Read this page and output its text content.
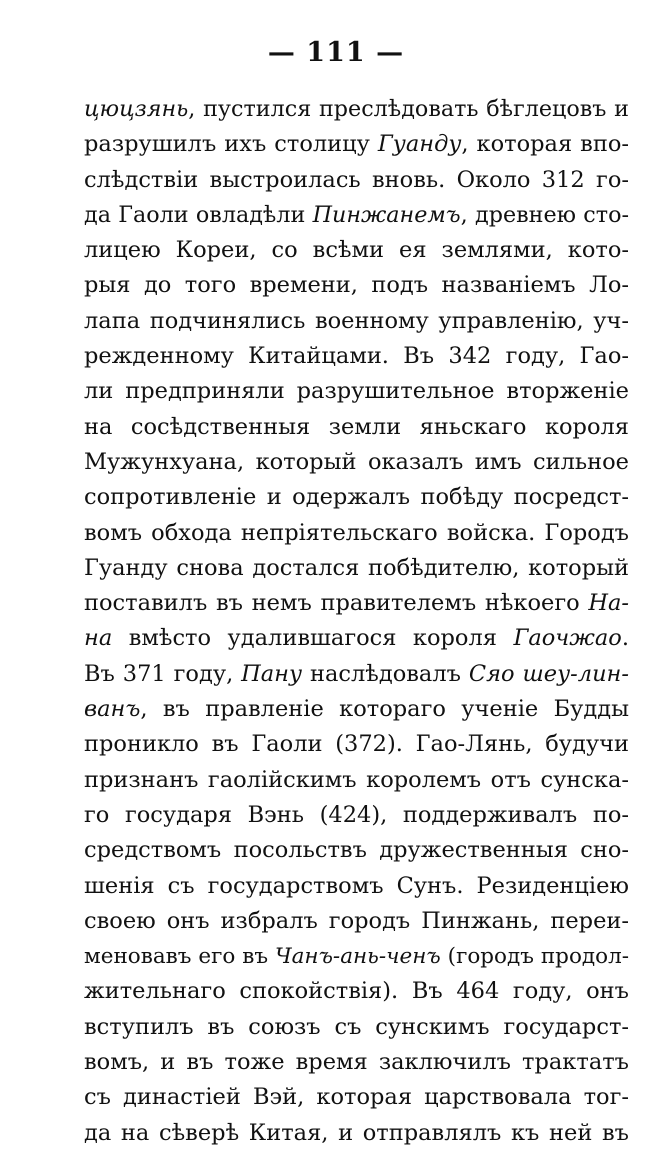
— 111 —
цюцзянь, пустился преслѣдовать бѣглецовъ и
разрушилъ ихъ столицу Гуанду, которая впо-
слѣдствіи выстроилась вновь. Около 312 го-
да Гаоли овладѣли Пинжанемъ, древнею сто-
лицею Кореи, со всѣми ея землями, кото-
рыя до того времени, подъ названіемъ Ло-
лапа подчинялись военному управленію, уч-
режденному Китайцами. Въ 342 году, Гао-
ли предприняли разрушительное вторженіе
на сосѣдственныя земли яньскаго короля
Мужунхуана, который оказалъ имъ сильное
сопротивленіе и одержалъ побѣду посредст-
вомъ обхода непріятельскаго войска. Городъ
Гуанду снова достался побѣдителю, который
поставилъ въ немъ правителемъ нѣкоего На-
на вмѣсто удалившагося короля Гаочжао.
Въ 371 году, Пану наслѣдовалъ Сяо шеу-лин-
ванъ, въ правленіе котораго ученіе Будды
проникло въ Гаоли (372). Гао-Лянь, будучи
признанъ гаолійскимъ королемъ отъ сунска-
го государя Вэнь (424), поддерживалъ по-
средствомъ посольствъ дружественныя сно-
шенія съ государствомъ Сунъ. Резиденціею
своею онъ избралъ городъ Пинжань, переи-
меновавъ его въ Чанъ-ань-ченъ (городъ продол-
жительнаго спокойствія). Въ 464 году, онъ
вступилъ въ союзъ съ сунскимъ государст-
вомъ, и въ тоже время заключилъ трактатъ
съ династіей Вэй, которая царствовала тог-
да на сѣверѣ Китая, и отправлялъ къ ней въ
